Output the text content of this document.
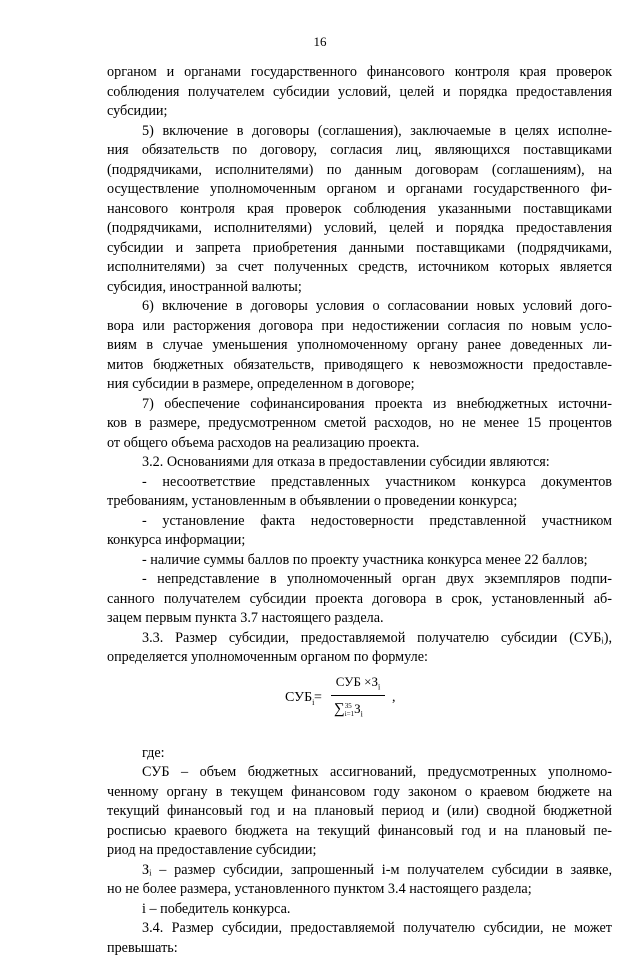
16
органом и органами государственного финансового контроля края проверок
соблюдения получателем субсидии условий, целей и порядка предоставления
субсидии;
5) включение в договоры (соглашения), заключаемые в целях исполне-
ния обязательств по договору, согласия лиц, являющихся поставщиками
(подрядчиками, исполнителями) по данным договорам (соглашениям), на
осуществление уполномоченным органом и органами государственного фи-
нансового контроля края проверок соблюдения указанными поставщиками
(подрядчиками, исполнителями) условий, целей и порядка предоставления
субсидии и запрета приобретения данными поставщиками (подрядчиками,
исполнителями) за счет полученных средств, источником которых является
субсидия, иностранной валюты;
6) включение в договоры условия о согласовании новых условий дого-
вора или расторжения договора при недостижении согласия по новым усло-
виям в случае уменьшения уполномоченному органу ранее доведенных ли-
митов бюджетных обязательств, приводящего к невозможности предоставле-
ния субсидии в размере, определенном в договоре;
7) обеспечение софинансирования проекта из внебюджетных источни-
ков в размере, предусмотренном сметой расходов, но не менее 15 процентов
от общего объема расходов на реализацию проекта.
3.2. Основаниями для отказа в предоставлении субсидии являются:
- несоответствие представленных участником конкурса документов
требованиям, установленным в объявлении о проведении конкурса;
- установление факта недостоверности представленной участником
конкурса информации;
- наличие суммы баллов по проекту участника конкурса менее 22 баллов;
- непредставление в уполномоченный орган двух экземпляров подпи-
санного получателем субсидии проекта договора в срок, установленный аб-
зацем первым пункта 3.7 настоящего раздела.
3.3. Размер субсидии, предоставляемой получателю субсидии (СУБᵢ),
определяется уполномоченным органом по формуле:
$СУБ_i$ =
СУБ $\times З_i$
∑35
$i=1З_i$
,
где:
СУБ – объем бюджетных ассигнований, предусмотренных уполномо-
ченному органу в текущем финансовом году законом о краевом бюджете на
текущий финансовый год и на плановый период и (или) сводной бюджетной
росписью краевого бюджета на текущий финансовый год и на плановый пе-
риод на предоставление субсидии;
Зᵢ – размер субсидии, запрошенный i-м получателем субсидии в заявке,
но не более размера, установленного пунктом 3.4 настоящего раздела;
i – победитель конкурса.
3.4. Размер субсидии, предоставляемой получателю субсидии, не может
превышать:
